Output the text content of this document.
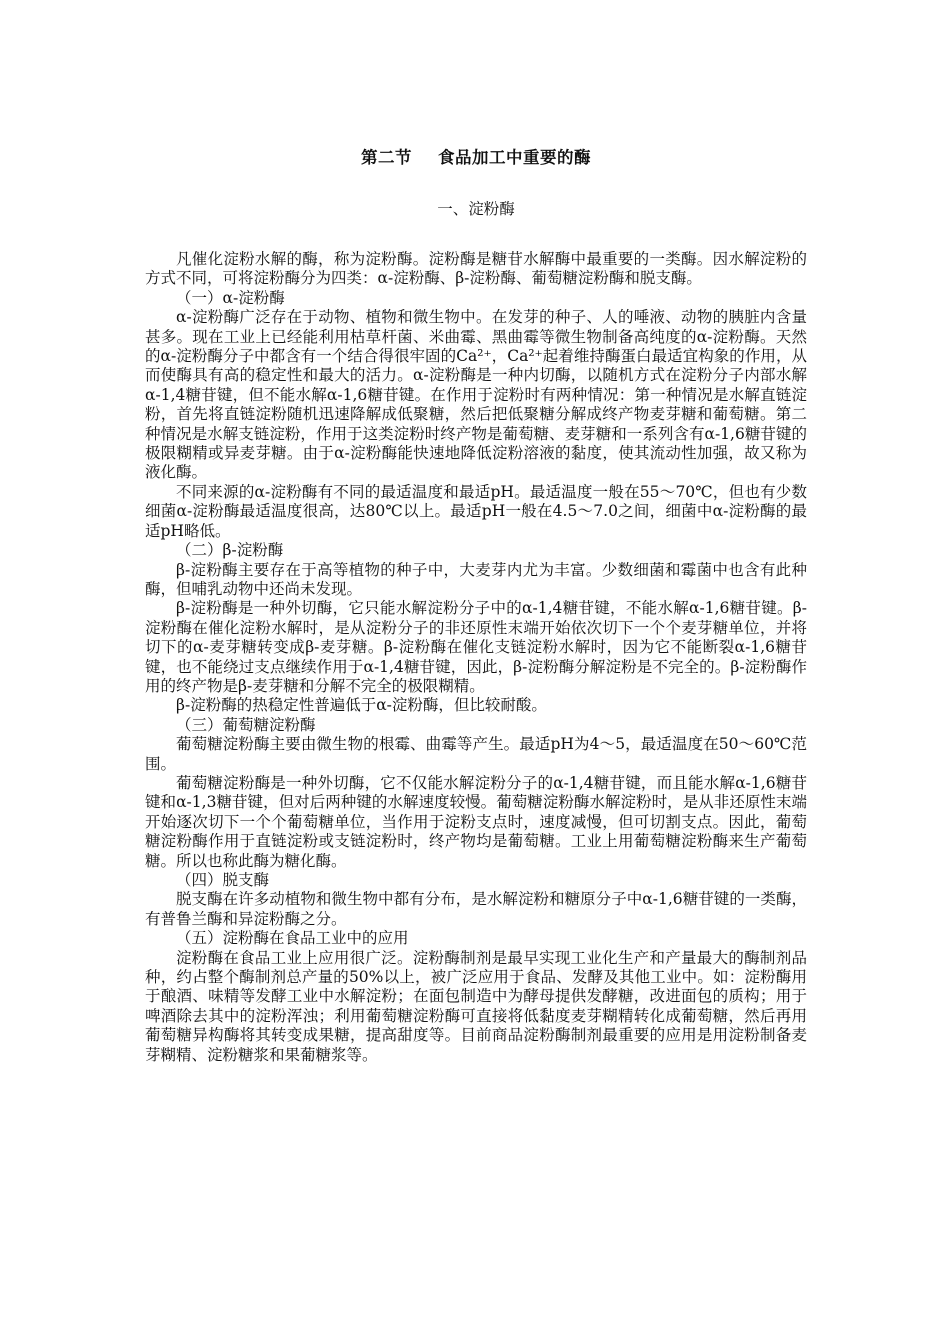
第二节 食品加工中重要的酶
一、淀粉酶

凡催化淀粉水解的酶，称为淀粉酶。淀粉酶是糖苷水解酶中最重要的一类酶。因水解淀粉的方式不同，可将淀粉酶分为四类：α-淀粉酶、β-淀粉酶、葡萄糖淀粉酶和脱支酶。

（一）α-淀粉酶

α-淀粉酶广泛存在于动物、植物和微生物中。在发芽的种子、人的唾液、动物的胰脏内含量甚多。现在工业上已经能利用枯草杆菌、米曲霉、黑曲霉等微生物制备高纯度的α-淀粉酶。天然的α-淀粉酶分子中都含有一个结合得很牢固的Ca²⁺，Ca²⁺起着维持酶蛋白最适宜构象的作用，从而使酶具有高的稳定性和最大的活力。α-淀粉酶是一种内切酶，以随机方式在淀粉分子内部水解α-1,4糖苷键，但不能水解α-1,6糖苷键。在作用于淀粉时有两种情况：第一种情况是水解直链淀粉，首先将直链淀粉随机迅速降解成低聚糖，然后把低聚糖分解成终产物麦芽糖和葡萄糖。第二种情况是水解支链淀粉，作用于这类淀粉时终产物是葡萄糖、麦芽糖和一系列含有α-1,6糖苷键的极限糊精或异麦芽糖。由于α-淀粉酶能快速地降低淀粉溶液的黏度，使其流动性加强，故又称为液化酶。

不同来源的α-淀粉酶有不同的最适温度和最适pH。最适温度一般在55～70℃，但也有少数细菌α-淀粉酶最适温度很高，达80℃以上。最适pH一般在4.5～7.0之间，细菌中α-淀粉酶的最适pH略低。

（二）β-淀粉酶

β-淀粉酶主要存在于高等植物的种子中，大麦芽内尤为丰富。少数细菌和霉菌中也含有此种酶，但哺乳动物中还尚未发现。

β-淀粉酶是一种外切酶，它只能水解淀粉分子中的α-1,4糖苷键，不能水解α-1,6糖苷键。β-淀粉酶在催化淀粉水解时，是从淀粉分子的非还原性末端开始依次切下一个个麦芽糖单位，并将切下的α-麦芽糖转变成β-麦芽糖。β-淀粉酶在催化支链淀粉水解时，因为它不能断裂α-1,6糖苷键，也不能绕过支点继续作用于α-1,4糖苷键，因此，β-淀粉酶分解淀粉是不完全的。β-淀粉酶作用的终产物是β-麦芽糖和分解不完全的极限糊精。

β-淀粉酶的热稳定性普遍低于α-淀粉酶，但比较耐酸。

（三）葡萄糖淀粉酶

葡萄糖淀粉酶主要由微生物的根霉、曲霉等产生。最适pH为4～5，最适温度在50～60℃范围。

葡萄糖淀粉酶是一种外切酶，它不仅能水解淀粉分子的α-1,4糖苷键，而且能水解α-1,6糖苷键和α-1,3糖苷键，但对后两种键的水解速度较慢。葡萄糖淀粉酶水解淀粉时，是从非还原性末端开始逐次切下一个个葡萄糖单位，当作用于淀粉支点时，速度减慢，但可切割支点。因此，葡萄糖淀粉酶作用于直链淀粉或支链淀粉时，终产物均是葡萄糖。工业上用葡萄糖淀粉酶来生产葡萄糖。所以也称此酶为糖化酶。

（四）脱支酶

脱支酶在许多动植物和微生物中都有分布，是水解淀粉和糖原分子中α-1,6糖苷键的一类酶，有普鲁兰酶和异淀粉酶之分。

（五）淀粉酶在食品工业中的应用

淀粉酶在食品工业上应用很广泛。淀粉酶制剂是最早实现工业化生产和产量最大的酶制剂品种，约占整个酶制剂总产量的50%以上，被广泛应用于食品、发酵及其他工业中。如：淀粉酶用于酿酒、味精等发酵工业中水解淀粉；在面包制造中为酵母提供发酵糖，改进面包的质构；用于啤酒除去其中的淀粉浑浊；利用葡萄糖淀粉酶可直接将低黏度麦芽糊精转化成葡萄糖，然后再用葡萄糖异构酶将其转变成果糖，提高甜度等。目前商品淀粉酶制剂最重要的应用是用淀粉制备麦芽糊精、淀粉糖浆和果葡糖浆等。
